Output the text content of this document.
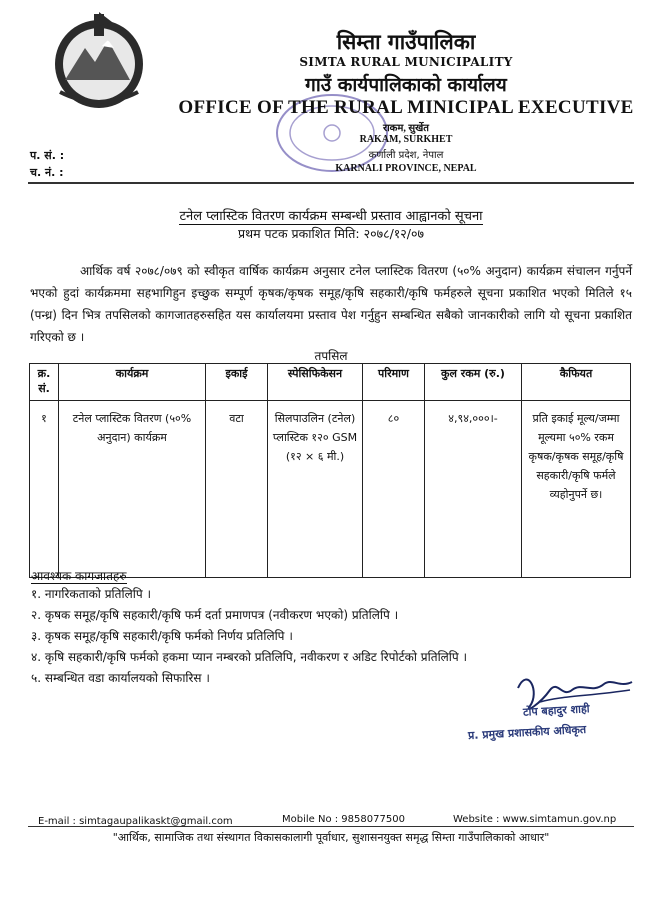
सिम्ता गाउँपालिका
SIMTA RURAL MUNICIPALITY
गाउँ कार्यपालिकाको कार्यालय
OFFICE OF THE RURAL MINICIPAL EXECUTIVE
राकम, सुर्खेत
RAKAM, SURKHET
कर्णाली प्रदेश, नेपाल
KARNALI PROVINCE, NEPAL
प. सं. :
च. नं. :
टनेल प्लास्टिक वितरण कार्यक्रम सम्बन्धी प्रस्ताव आह्वानको सूचना
प्रथम पटक प्रकाशित मिति: २०७८/१२/०७
आर्थिक वर्ष २०७८/०७९ को स्वीकृत वार्षिक कार्यक्रम अनुसार टनेल प्लास्टिक वितरण (५०% अनुदान) कार्यक्रम संचालन गर्नुपर्ने भएको हुदां कार्यक्रममा सहभागिहुन इच्छुक सम्पूर्ण कृषक/कृषक समूह/कृषि सहकारी/कृषि फर्महरुले सूचना प्रकाशित भएको मितिले १५ (पन्ध्र) दिन भित्र तपसिलको कागजातहरुसहित यस कार्यालयमा प्रस्ताव पेश गर्नुहुन सम्बन्धित सबैको जानकारीको लागि यो सूचना प्रकाशित गरिएको छ ।
तपसिल
क्र. सं.	कार्यक्रम	इकाई	स्पेसिफिकेसन	परिमाण	कुल रकम (रु.)	कैफियत
१	टनेल प्लास्टिक वितरण (५०% अनुदान) कार्यक्रम	वटा	सिलपाउलिन (टनेल) प्लास्टिक १२० GSM (१२ × ६ मी.)	८०	४,९४,०००।-	प्रति इकाई मूल्य/जम्मा मूल्यमा ५०% रकम कृषक/कृषक समूह/कृषि सहकारी/कृषि फर्मले व्यहोनुपर्ने छ।
आवश्यक कागजातहरु
१. नागरिकताको प्रतिलिपि ।
२. कृषक समूह/कृषि सहकारी/कृषि फर्म दर्ता प्रमाणपत्र (नवीकरण भएको) प्रतिलिपि ।
३. कृषक समूह/कृषि सहकारी/कृषि फर्मको निर्णय प्रतिलिपि ।
४. कृषि सहकारी/कृषि फर्मको हकमा प्यान नम्बरको प्रतिलिपि, नवीकरण र अडिट रिपोर्टको प्रतिलिपि ।
५. सम्बन्धित वडा कार्यालयको सिफारिस ।
टोप बहादुर शाही
प्र. प्रमुख प्रशासकीय अधिकृत
E-mail : simtagaupalikaskt@gmail.com	Mobile No : 9858077500	Website : www.simtamun.gov.np
"आर्थिक, सामाजिक तथा संस्थागत विकासकालागी पूर्वाधार, सुशासनयुक्त समृद्ध सिम्ता गाउँपालिकाको आधार"
